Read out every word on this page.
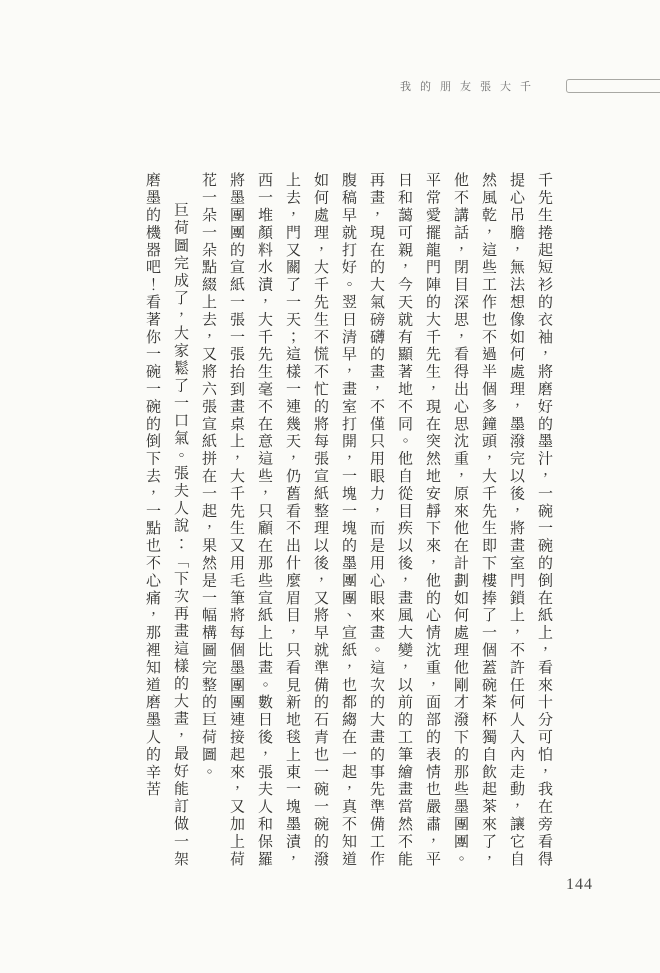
我的朋友張大千

千先生捲起短衫的衣袖，將磨好的墨汁，一碗一碗的倒在紙上，看來十分可怕，我在旁看得提心吊膽，無法想像如何處理，墨潑完以後，將畫室門鎖上，不許任何人入內走動，讓它自然風乾，這些工作也不過半個多鐘頭，大千先生即下樓捧了一個蓋碗茶杯獨自飲起茶來了，他不講話，閉目深思，看得出心思沈重，原來他在計劃如何處理他剛才潑下的那些墨團團。平常愛擺龍門陣的大千先生，現在突然地安靜下來，他的心情沈重，面部的表情也嚴肅，平日和藹可親，今天就有顯著地不同。他自從目疾以後，畫風大變，以前的工筆繪畫當然不能再畫，現在的大氣磅礴的畫，不僅只用眼力，而是用心眼來畫。這次的大畫的事先準備工作腹稿早就打好。翌日清早，畫室打開，一塊一塊的墨團團、宣紙，也都縐在一起，真不知道如何處理，大千先生不慌不忙的將每張宣紙整理以後，又將早就準備的石青也一碗一碗的潑上去，門又關了一天；這樣一連幾天，仍舊看不出什麼眉目，只看見新地毯上東一塊墨漬，西一堆顏料水漬，大千先生毫不在意這些，只顧在那些宣紙上比畫。數日後，張夫人和保羅將墨團團的宣紙一張一張抬到畫桌上，大千先生又用毛筆將每個墨團團連接起來，又加上荷花一朵一朵點綴上去，又將六張宣紙拼在一起，果然是一幅構圖完整的巨荷圖。

巨荷圖完成了，大家鬆了一口氣。張夫人說：「下次再畫這樣的大畫，最好能訂做一架磨墨的機器吧！看著你一碗一碗的倒下去，一點也不心痛，那裡知道磨墨人的辛苦

144
